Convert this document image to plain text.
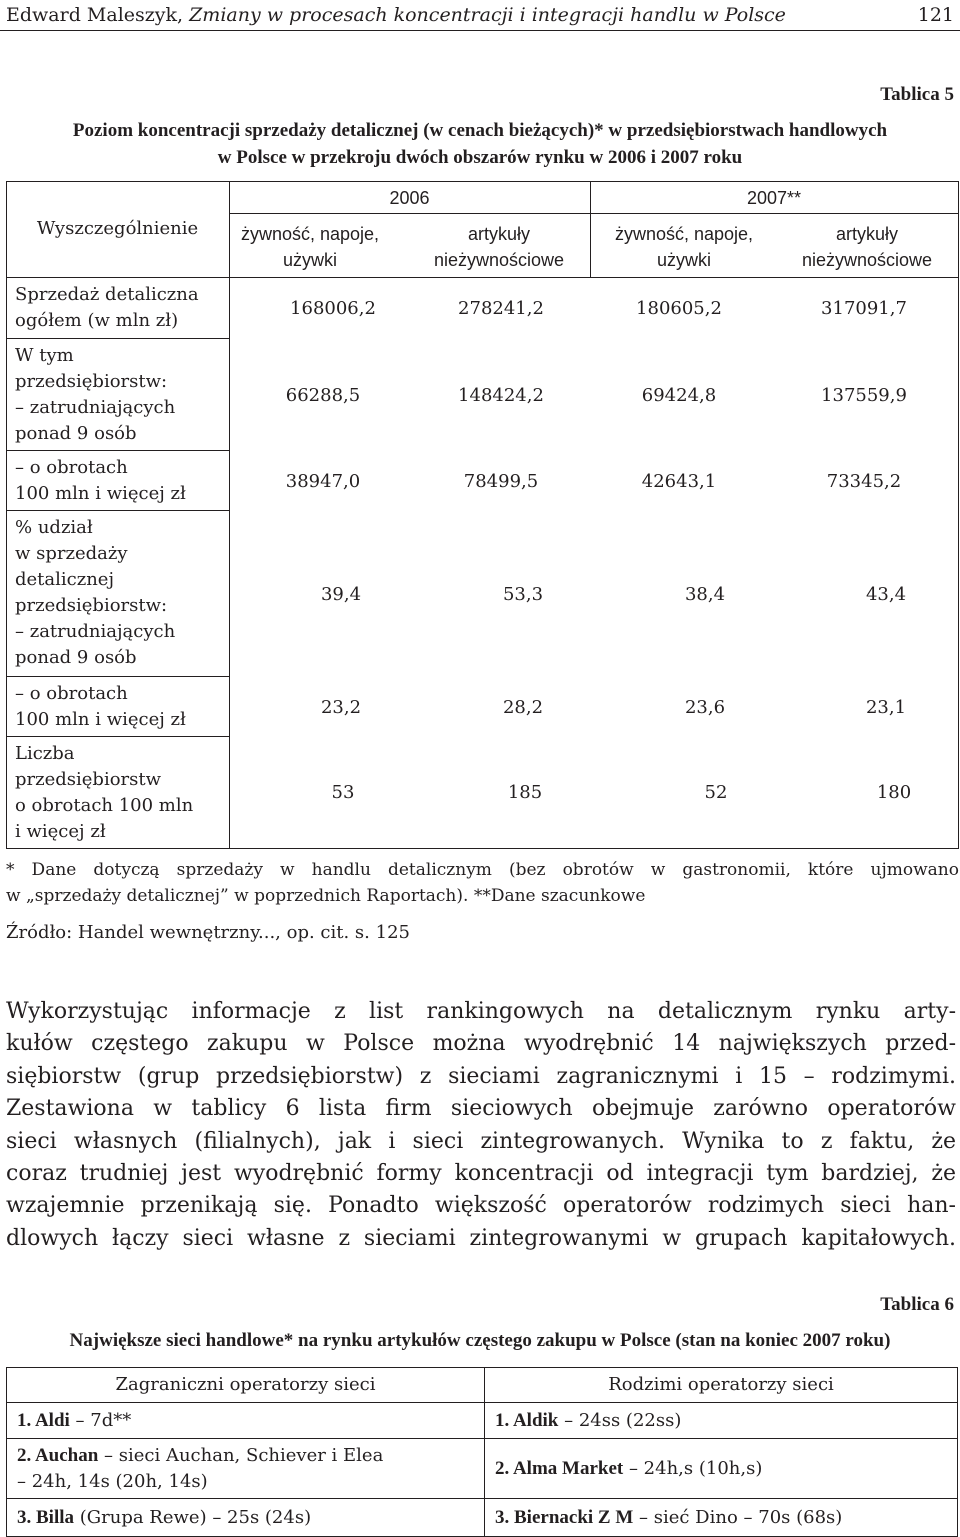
Edward Maleszyk, Zmiany w procesach koncentracji i integracji handlu w Polsce	121
Tablica 5
Poziom koncentracji sprzedaży detalicznej (w cenach bieżących)* w przedsiębiorstwach handlowych
w Polsce w przekroju dwóch obszarów rynku w 2006 i 2007 roku
Wyszczególnienie
2006	2007**
żywność, napoje,
używki
artykuły
nieżywnościowe
żywność, napoje,
używki
artykuły
nieżywnościowe
Sprzedaż detaliczna
ogółem (w mln zł)
168006,2	278241,2	180605,2	317091,7
W tym
przedsiębiorstw:
– zatrudniających
ponad 9 osób
66288,5	148424,2	69424,8	137559,9
– o obrotach
100 mln i więcej zł
38947,0	78499,5	42643,1	73345,2
% udział
w sprzedaży
detalicznej
przedsiębiorstw:
– zatrudniających
ponad 9 osób
39,4	53,3	38,4	43,4
– o obrotach
100 mln i więcej zł
23,2	28,2	23,6	23,1
Liczba
przedsiębiorstw
o obrotach 100 mln
i więcej zł
53	185	52	180
* Dane dotyczą sprzedaży w handlu detalicznym (bez obrotów w gastronomii, które ujmowano
w „sprzedaży detalicznej” w poprzednich Raportach). **Dane szacunkowe
Źródło: Handel wewnętrzny..., op. cit. s. 125
Wykorzystując informacje z list rankingowych na detalicznym rynku arty-
kułów częstego zakupu w Polsce można wyodrębnić 14 największych przed-
siębiorstw (grup przedsiębiorstw) z sieciami zagranicznymi i 15 – rodzimymi.
Zestawiona w tablicy 6 lista firm sieciowych obejmuje zarówno operatorów
sieci własnych (filialnych), jak i sieci zintegrowanych. Wynika to z faktu, że
coraz trudniej jest wyodrębnić formy koncentracji od integracji tym bardziej, że
wzajemnie przenikają się. Ponadto większość operatorów rodzimych sieci han-
dlowych łączy sieci własne z sieciami zintegrowanymi w grupach kapitałowych.
Tablica 6
Największe sieci handlowe* na rynku artykułów częstego zakupu w Polsce (stan na koniec 2007 roku)
Zagraniczni operatorzy sieci	Rodzimi operatorzy sieci
1. Aldi – 7d**	1. Aldik – 24ss (22ss)
2. Auchan – sieci Auchan, Schiever i Elea
– 24h, 14s (20h, 14s)	2. Alma Market – 24h,s (10h,s)
3. Billa (Grupa Rewe) – 25s (24s)	3. Biernacki Z M – sieć Dino – 70s (68s)
